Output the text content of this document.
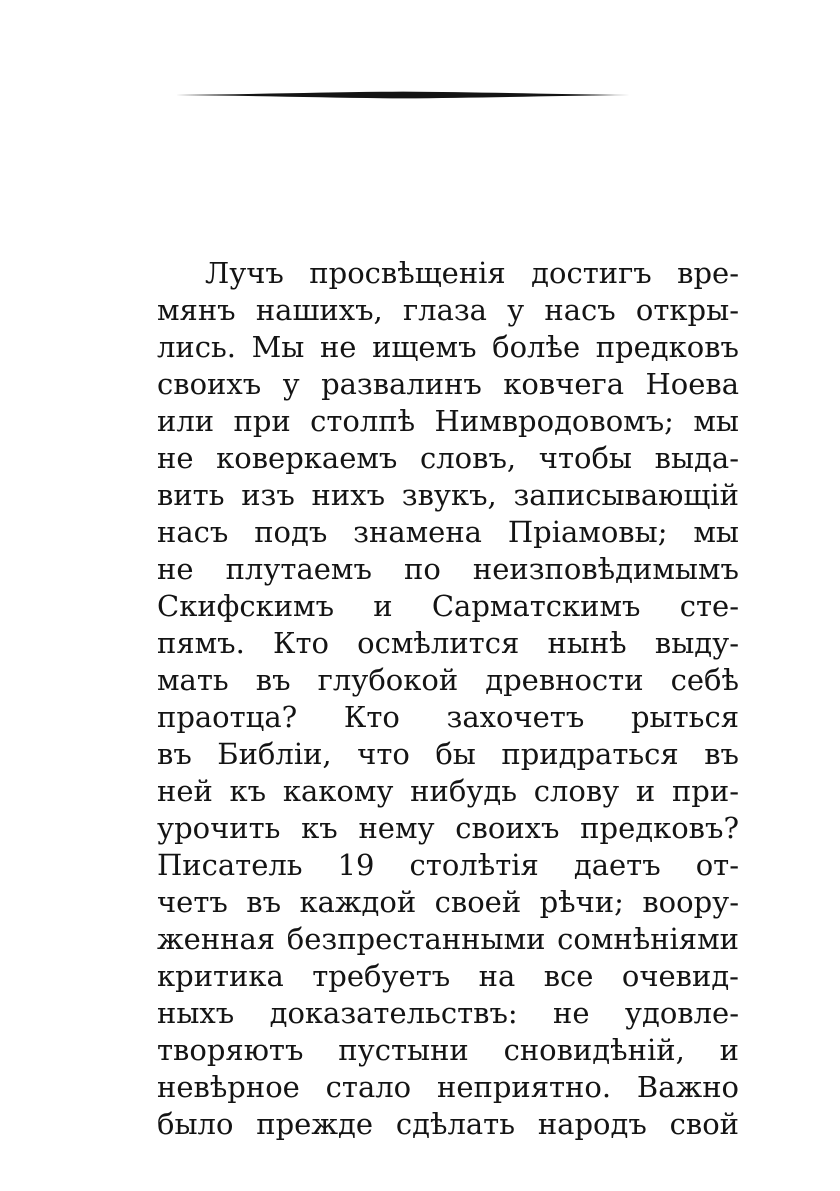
Лучъ просвѣщенія достигъ вре-
мянъ нашихъ, глаза у насъ откры-
лись. Мы не ищемъ болѣе предковъ
своихъ у развалинъ ковчега Ноева
или при столпѣ Нимвродовомъ; мы
не коверкаемъ словъ, чтобы выда-
вить изъ нихъ звукъ, записывающій
насъ подъ знамена Пріамовы; мы
не плутаемъ по неизповѣдимымъ
Скифскимъ и Сарматскимъ сте-
пямъ. Кто осмѣлится нынѣ выду-
мать въ глубокой древности себѣ
праотца? Кто захочетъ рыться
въ Библіи, что бы придраться въ
ней къ какому нибудь слову и при-
урочить къ нему своихъ предковъ?
Писатель 19 столѣтія даетъ от-
четъ въ каждой своей рѣчи; воору-
женная безпрестанными сомнѣніями
критика требуетъ на все очевид-
ныхъ доказательствъ: не удовле-
творяютъ пустыни сновидѣній, и
невѣрное стало неприятно. Важно
было прежде сдѣлать народъ свой
